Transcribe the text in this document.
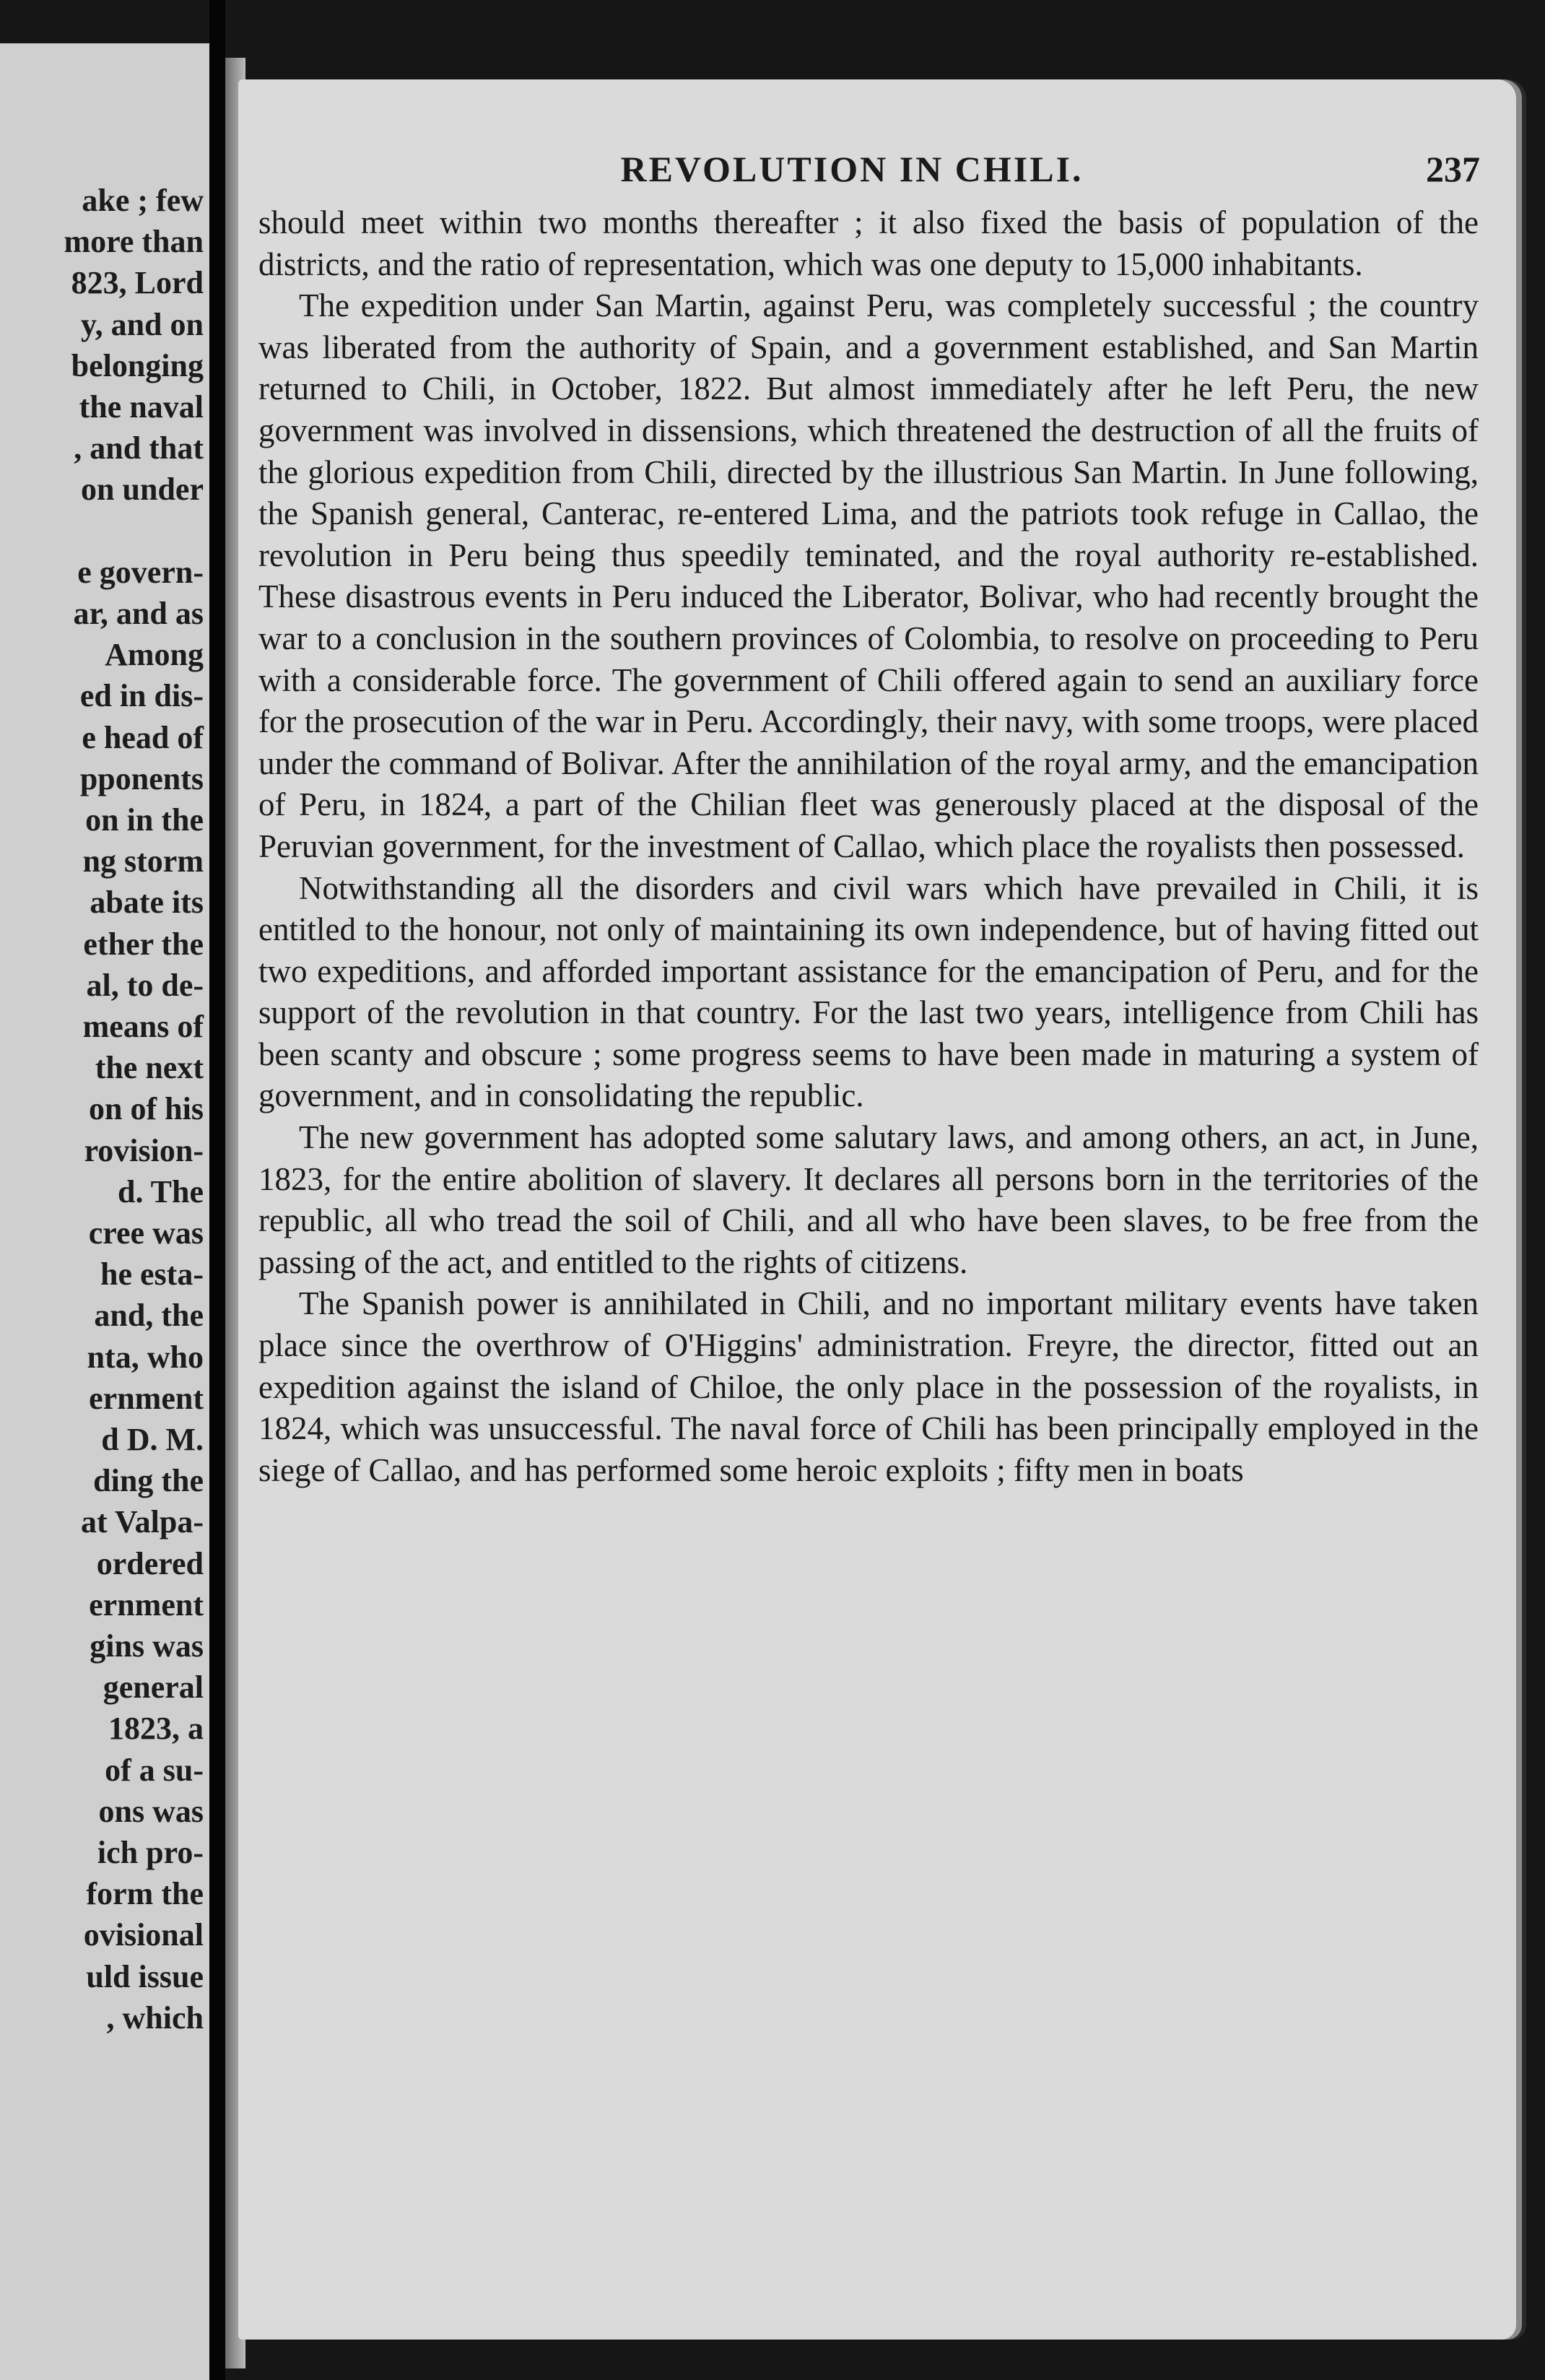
ake ; few
more than
823, Lord
y, and on
belonging
the naval
, and that
on under
e govern-
ar, and as
Among
ed in dis-
e head of
pponents
on in the
ng storm
abate its
ether the
al, to de-
means of
the next
on of his
rovision-
d. The
cree was
he esta-
and, the
nta, who
ernment
d D. M.
ding the
at Valpa-
ordered
ernment
gins was
general
1823, a
of a su-
ons was
ich pro-
form the
ovisional
uld issue
, which
REVOLUTION IN CHILI.	237

should meet within two months thereafter ; it also fixed the basis of population of the districts, and the ratio of representation, which was one deputy to 15,000 inhabitants.

The expedition under San Martin, against Peru, was completely successful ; the country was liberated from the authority of Spain, and a government established, and San Martin returned to Chili, in October, 1822. But almost immediately after he left Peru, the new government was involved in dissensions, which threatened the destruction of all the fruits of the glorious expedition from Chili, directed by the illustrious San Martin. In June following, the Spanish general, Canterac, re-entered Lima, and the patriots took refuge in Callao, the revolution in Peru being thus speedily teminated, and the royal authority re-established. These disastrous events in Peru induced the Liberator, Bolivar, who had recently brought the war to a conclusion in the southern provinces of Colombia, to resolve on proceeding to Peru with a considerable force. The government of Chili offered again to send an auxiliary force for the prosecution of the war in Peru. Accordingly, their navy, with some troops, were placed under the command of Bolivar. After the annihilation of the royal army, and the emancipation of Peru, in 1824, a part of the Chilian fleet was generously placed at the disposal of the Peruvian government, for the investment of Callao, which place the royalists then possessed.

Notwithstanding all the disorders and civil wars which have prevailed in Chili, it is entitled to the honour, not only of maintaining its own independence, but of having fitted out two expeditions, and afforded important assistance for the emancipation of Peru, and for the support of the revolution in that country. For the last two years, intelligence from Chili has been scanty and obscure ; some progress seems to have been made in maturing a system of government, and in consolidating the republic.

The new government has adopted some salutary laws, and among others, an act, in June, 1823, for the entire abolition of slavery. It declares all persons born in the territories of the republic, all who tread the soil of Chili, and all who have been slaves, to be free from the passing of the act, and entitled to the rights of citizens.

The Spanish power is annihilated in Chili, and no important military events have taken place since the overthrow of O'Higgins' administration. Freyre, the director, fitted out an expedition against the island of Chiloe, the only place in the possession of the royalists, in 1824, which was unsuccessful. The naval force of Chili has been principally employed in the siege of Callao, and has performed some heroic exploits ; fifty men in boats
